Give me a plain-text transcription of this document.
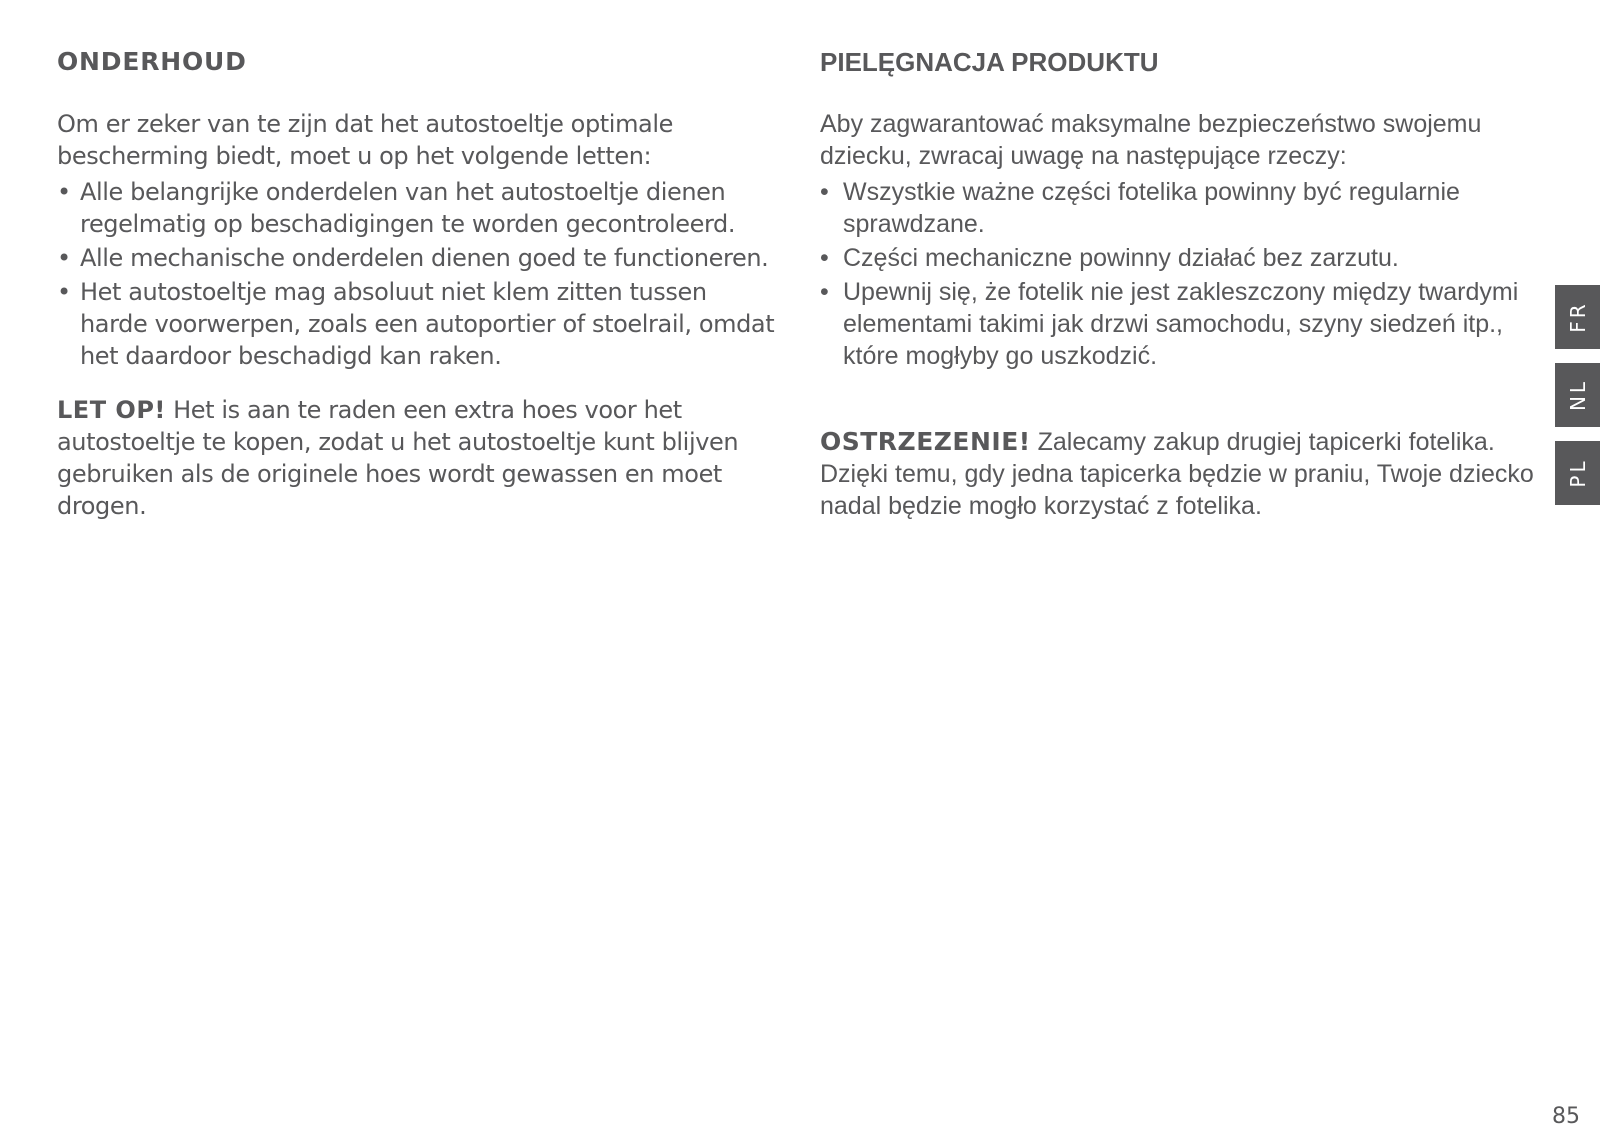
ONDERHOUD

Om er zeker van te zijn dat het autostoeltje optimale bescherming biedt, moet u op het volgende letten:

• Alle belangrijke onderdelen van het autostoeltje dienen regelmatig op beschadigingen te worden gecontroleerd.
• Alle mechanische onderdelen dienen goed te functioneren.
• Het autostoeltje mag absoluut niet klem zitten tussen harde voorwerpen, zoals een autoportier of stoelrail, omdat het daardoor beschadigd kan raken.

LET OP! Het is aan te raden een extra hoes voor het autostoeltje te kopen, zodat u het autostoeltje kunt blijven gebruiken als de originele hoes wordt gewassen en moet drogen.

PIELĘGNACJA PRODUKTU

Aby zagwarantować maksymalne bezpieczeństwo swojemu dziecku, zwracaj uwagę na następujące rzeczy:

• Wszystkie ważne części fotelika powinny być regularnie sprawdzane.
• Części mechaniczne powinny działać bez zarzutu.
• Upewnij się, że fotelik nie jest zakleszczony między twardymi elementami takimi jak drzwi samochodu, szyny siedzeń itp., które mogłyby go uszkodzić.

OSTRZEZENIE! Zalecamy zakup drugiej tapicerki fotelika. Dzięki temu, gdy jedna tapicerka będzie w praniu, Twoje dziecko nadal będzie mogło korzystać z fotelika.

FR
NL
PL
85
